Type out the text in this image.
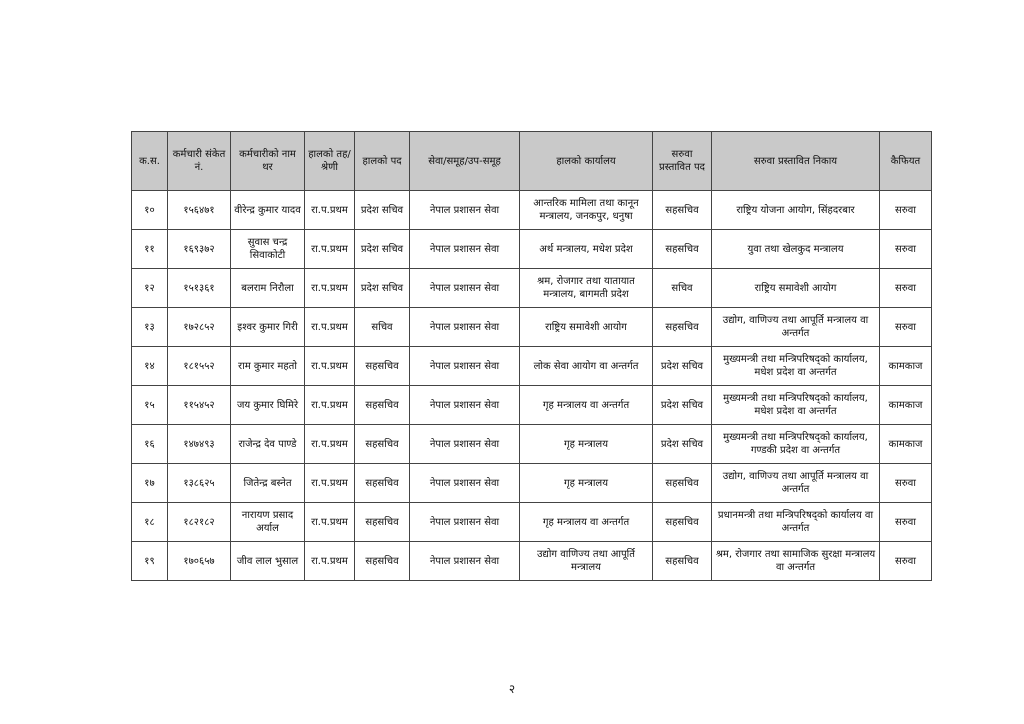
क.स.	कर्मचारी संकेत नं.	कर्मचारीको नाम थर	हालको तह/श्रेणी	हालको पद	सेवा/समूह/उप-समूह	हालको कार्यालय	सरुवा प्रस्तावित पद	सरुवा प्रस्तावित निकाय	कैफियत
१०	१५६४७१	वीरेन्द्र कुमार यादव	रा.प.प्रथम	प्रदेश सचिव	नेपाल प्रशासन सेवा	आन्तरिक मामिला तथा कानून मन्त्रालय, जनकपुर, धनुषा	सहसचिव	राष्ट्रिय योजना आयोग, सिंहदरबार	सरुवा
११	१६९३७२	सुवास चन्द्र सिवाकोटी	रा.प.प्रथम	प्रदेश सचिव	नेपाल प्रशासन सेवा	अर्थ मन्त्रालय, मधेश प्रदेश	सहसचिव	युवा तथा खेलकुद मन्त्रालय	सरुवा
१२	१५१३६१	बलराम निरौला	रा.प.प्रथम	प्रदेश सचिव	नेपाल प्रशासन सेवा	श्रम, रोजगार तथा यातायात मन्त्रालय, बागमती प्रदेश	सचिव	राष्ट्रिय समावेशी आयोग	सरुवा
१३	१७२८५२	इश्वर कुमार गिरी	रा.प.प्रथम	सचिव	नेपाल प्रशासन सेवा	राष्ट्रिय समावेशी आयोग	सहसचिव	उद्योग, वाणिज्य तथा आपूर्ति मन्त्रालय वा अन्तर्गत	सरुवा
१४	१८१५५२	राम कुमार महतो	रा.प.प्रथम	सहसचिव	नेपाल प्रशासन सेवा	लोक सेवा आयोग वा अन्तर्गत	प्रदेश सचिव	मुख्यमन्त्री तथा मन्त्रिपरिषद्को कार्यालय, मधेश प्रदेश वा अन्तर्गत	कामकाज
१५	११५४५२	जय कुमार घिमिरे	रा.प.प्रथम	सहसचिव	नेपाल प्रशासन सेवा	गृह मन्त्रालय वा अन्तर्गत	प्रदेश सचिव	मुख्यमन्त्री तथा मन्त्रिपरिषद्को कार्यालय, मधेश प्रदेश वा अन्तर्गत	कामकाज
१६	१४७४९३	राजेन्द्र देव पाण्डे	रा.प.प्रथम	सहसचिव	नेपाल प्रशासन सेवा	गृह मन्त्रालय	प्रदेश सचिव	मुख्यमन्त्री तथा मन्त्रिपरिषद्को कार्यालय, गण्डकी प्रदेश वा अन्तर्गत	कामकाज
१७	१३८६२५	जितेन्द्र बस्नेत	रा.प.प्रथम	सहसचिव	नेपाल प्रशासन सेवा	गृह मन्त्रालय	सहसचिव	उद्योग, वाणिज्य तथा आपूर्ति मन्त्रालय वा अन्तर्गत	सरुवा
१८	१८२१८२	नारायण प्रसाद अर्याल	रा.प.प्रथम	सहसचिव	नेपाल प्रशासन सेवा	गृह मन्त्रालय वा अन्तर्गत	सहसचिव	प्रधानमन्त्री तथा मन्त्रिपरिषद्को कार्यालय वा अन्तर्गत	सरुवा
१९	१७०६५७	जीव लाल भुसाल	रा.प.प्रथम	सहसचिव	नेपाल प्रशासन सेवा	उद्योग वाणिज्य तथा आपूर्ति मन्त्रालय	सहसचिव	श्रम, रोजगार तथा सामाजिक सुरक्षा मन्त्रालय वा अन्तर्गत	सरुवा
२
